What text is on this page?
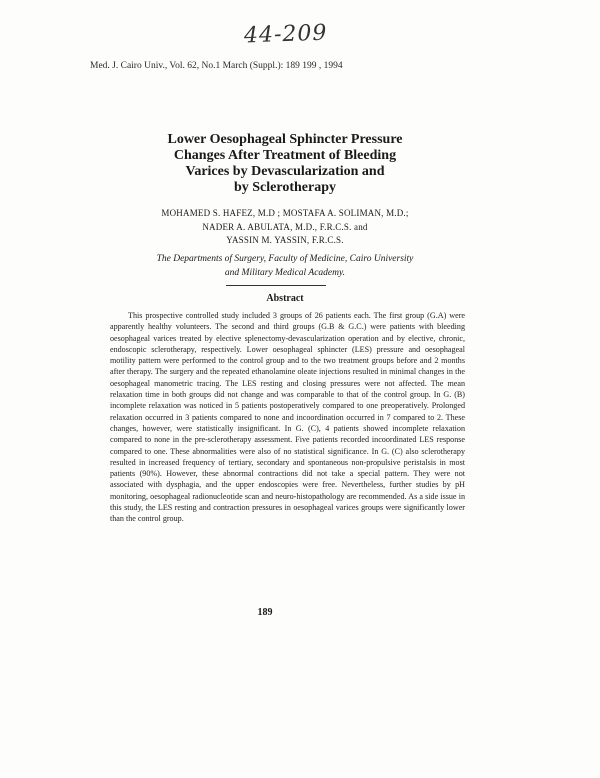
44-209
Med. J. Cairo Univ., Vol. 62, No.1 March (Suppl.): 189 199 , 1994
Lower Oesophageal Sphincter Pressure
Changes After Treatment of Bleeding
Varices by Devascularization and
by Sclerotherapy
MOHAMED S. HAFEZ, M.D ; MOSTAFA A. SOLIMAN, M.D.;
NADER A. ABULATA, M.D., F.R.C.S. and
YASSIN M. YASSIN, F.R.C.S.
The Departments of Surgery, Faculty of Medicine, Cairo University
and Military Medical Academy.
Abstract
This prospective controlled study included 3 groups of 26 patients each. The first group (G.A) were apparently healthy volunteers. The second and third groups (G.B & G.C.) were patients with bleeding oesophageal varices treated by elective splenectomy-devascularization operation and by elective, chronic, endoscopic sclerotherapy, respectively. Lower oesophageal sphincter (LES) pressure and oesophageal motility pattern were performed to the control group and to the two treatment groups before and 2 months after therapy. The surgery and the repeated ethanolamine oleate injections resulted in minimal changes in the oesophageal manometric tracing. The LES resting and closing pressures were not affected. The mean relaxation time in both groups did not change and was comparable to that of the control group. In G. (B) incomplete relaxation was noticed in 5 patients postoperatively compared to one preoperatively. Prolonged relaxation occurred in 3 patients compared to none and incoordination occurred in 7 compared to 2. These changes, however, were statistically insignificant. In G. (C), 4 patients showed incomplete relaxation compared to none in the pre-sclerotherapy assessment. Five patients recorded incoordinated LES response compared to one. These abnormalities were also of no statistical significance. In G. (C) also sclerotherapy resulted in increased frequency of tertiary, secondary and spontaneous non-propulsive peristalsis in most patients (90%). However, these abnormal contractions did not take a special pattern. They were not associated with dysphagia, and the upper endoscopies were free. Nevertheless, further studies by pH monitoring, oesophageal radionucleotide scan and neuro-histopathology are recommended. As a side issue in this study, the LES resting and contraction pressures in oesophageal varices groups were significantly lower than the control group.
189
